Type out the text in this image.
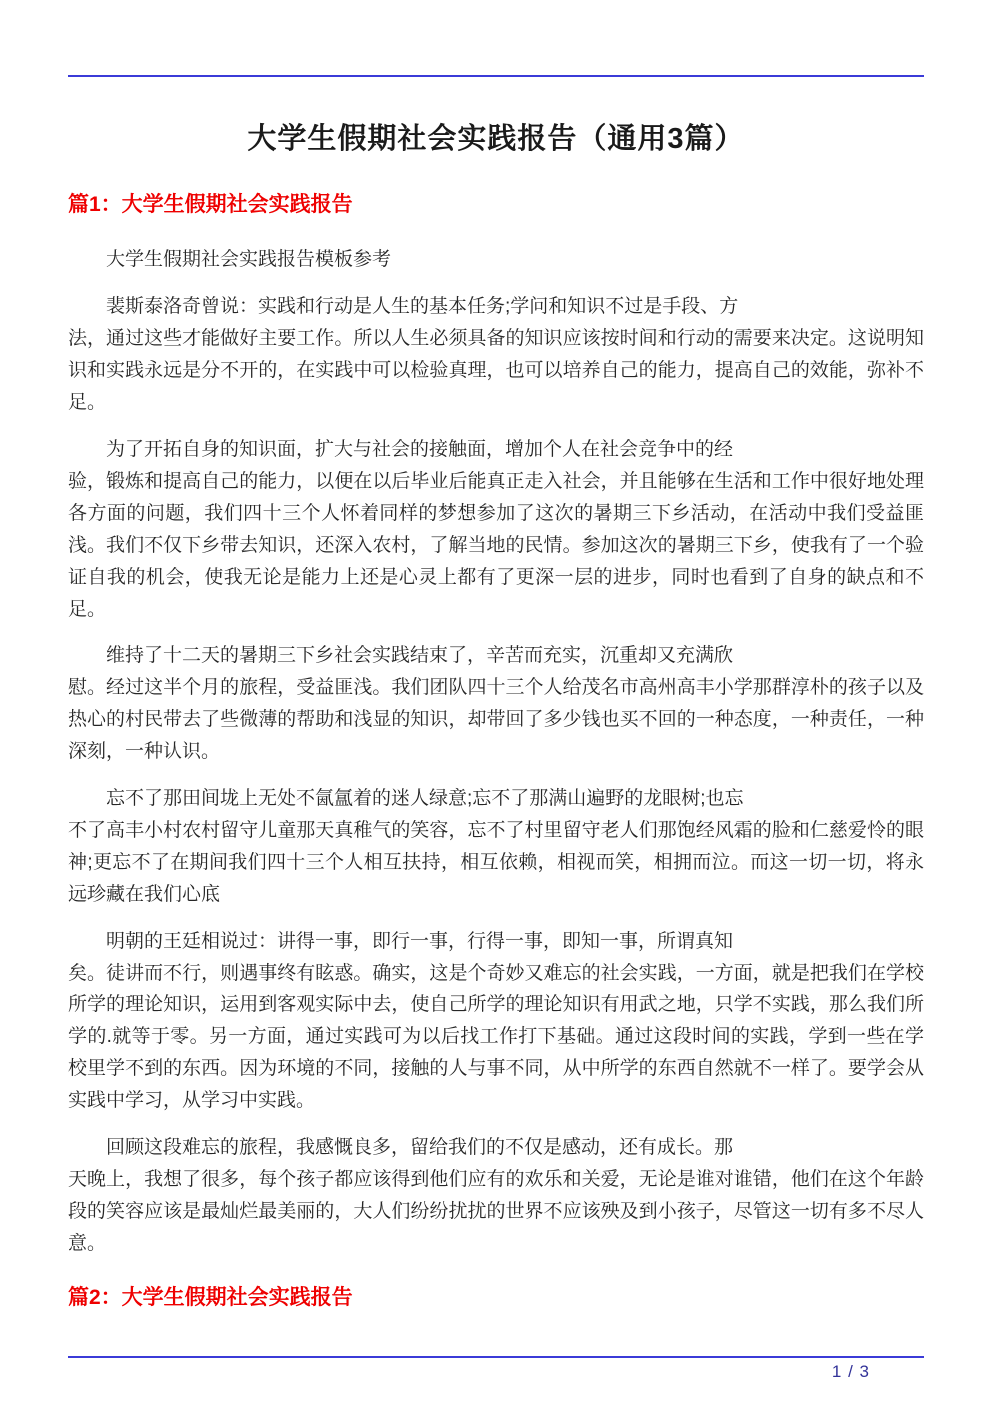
大学生假期社会实践报告（通用3篇）
篇1：大学生假期社会实践报告

大学生假期社会实践报告模板参考

裴斯泰洛奇曾说：实践和行动是人生的基本任务;学问和知识不过是手段、方
法，通过这些才能做好主要工作。所以人生必须具备的知识应该按时间和行动的需要来决定。这说明知识和实践永远是分不开的，在实践中可以检验真理，也可以培养自己的能力，提高自己的效能，弥补不足。

为了开拓自身的知识面，扩大与社会的接触面，增加个人在社会竞争中的经
验，锻炼和提高自己的能力，以便在以后毕业后能真正走入社会，并且能够在生活和工作中很好地处理各方面的问题，我们四十三个人怀着同样的梦想参加了这次的暑期三下乡活动，在活动中我们受益匪浅。我们不仅下乡带去知识，还深入农村，了解当地的民情。参加这次的暑期三下乡，使我有了一个验证自我的机会，使我无论是能力上还是心灵上都有了更深一层的进步，同时也看到了自身的缺点和不足。

维持了十二天的暑期三下乡社会实践结束了，辛苦而充实，沉重却又充满欣
慰。经过这半个月的旅程，受益匪浅。我们团队四十三个人给茂名市高州高丰小学那群淳朴的孩子以及热心的村民带去了些微薄的帮助和浅显的知识，却带回了多少钱也买不回的一种态度，一种责任，一种深刻，一种认识。

忘不了那田间垅上无处不氤氲着的迷人绿意;忘不了那满山遍野的龙眼树;也忘
不了高丰小村农村留守儿童那天真稚气的笑容，忘不了村里留守老人们那饱经风霜的脸和仁慈爱怜的眼神;更忘不了在期间我们四十三个人相互扶持，相互依赖，相视而笑，相拥而泣。而这一切一切，将永远珍藏在我们心底

明朝的王廷相说过：讲得一事，即行一事，行得一事，即知一事，所谓真知
矣。徒讲而不行，则遇事终有眩惑。确实，这是个奇妙又难忘的社会实践，一方面，就是把我们在学校所学的理论知识，运用到客观实际中去，使自己所学的理论知识有用武之地，只学不实践，那么我们所学的.就等于零。另一方面，通过实践可为以后找工作打下基础。通过这段时间的实践，学到一些在学校里学不到的东西。因为环境的不同，接触的人与事不同，从中所学的东西自然就不一样了。要学会从实践中学习，从学习中实践。

回顾这段难忘的旅程，我感慨良多，留给我们的不仅是感动，还有成长。那
天晚上，我想了很多，每个孩子都应该得到他们应有的欢乐和关爱，无论是谁对谁错，他们在这个年龄段的笑容应该是最灿烂最美丽的，大人们纷纷扰扰的世界不应该殃及到小孩子，尽管这一切有多不尽人意。

篇2：大学生假期社会实践报告
1 / 3
